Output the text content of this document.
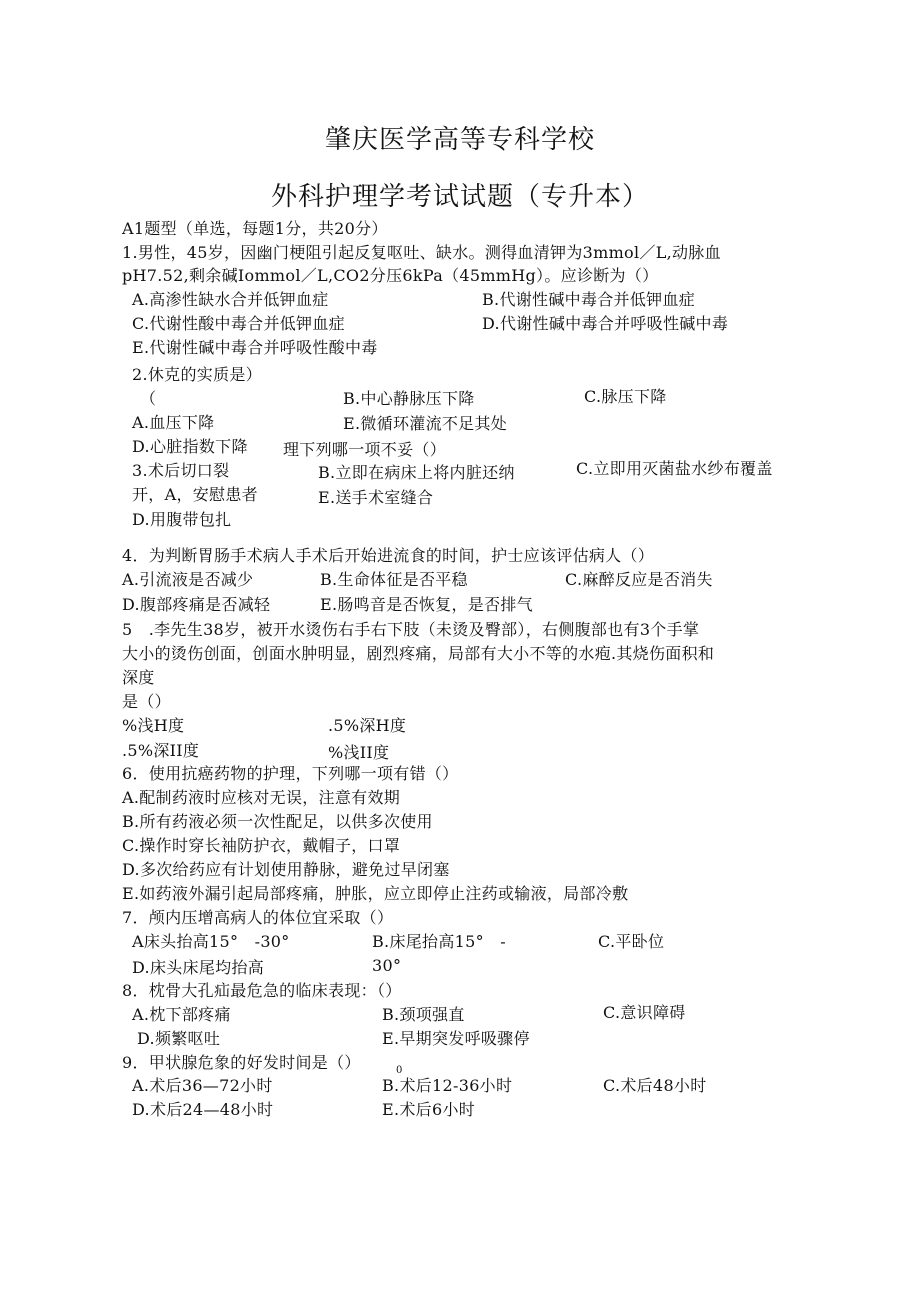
肇庆医学高等专科学校
外科护理学考试试题（专升本）
A1题型（单选，每题1分，共20分）
1.男性，45岁，因幽门梗阻引起反复呕吐、缺水。测得血清钾为3mmol／L,动脉血
pH7.52,剩余碱Iommol／L,CO2分压6kPa（45mmHg）。应诊断为（）
A.高渗性缺水合并低钾血症	B.代谢性碱中毒合并低钾血症
C.代谢性酸中毒合并低钾血症	D.代谢性碱中毒合并呼吸性碱中毒
E.代谢性碱中毒合并呼吸性酸中毒
2.休克的实质是）
（	B.中心静脉压下降	C.脉压下降
A.血压下降	E.微循环灌流不足其处
D.心脏指数下降 理下列哪一项不妥（）
3.术后切口裂	B.立即在病床上将内脏还纳	C.立即用灭菌盐水纱布覆盖
开，A，安慰患者	E.送手术室缝合
D.用腹带包扎
4．为判断胃肠手术病人手术后开始进流食的时间，护士应该评估病人（）
A.引流液是否减少	B.生命体征是否平稳	C.麻醉反应是否消失
D.腹部疼痛是否减轻	E.肠鸣音是否恢复，是否排气
5　.李先生38岁，被开水烫伤右手右下肢（未烫及臀部），右侧腹部也有3个手掌
大小的烫伤创面，创面水肿明显，剧烈疼痛，局部有大小不等的水疱.其烧伤面积和
深度
是（）
%浅H度	.5%深H度
.5%深II度	%浅II度
6．使用抗癌药物的护理，下列哪一项有错（）
A.配制药液时应核对无误，注意有效期
B.所有药液必须一次性配足，以供多次使用
C.操作时穿长袖防护衣，戴帽子，口罩
D.多次给药应有计划使用静脉，避免过早闭塞
E.如药液外漏引起局部疼痛，肿胀，应立即停止注药或输液，局部冷敷
7．颅内压增高病人的体位宜采取（）
A床头抬高15°　-30°	B.床尾抬高15°　-	C.平卧位
D.床头床尾均抬高	30°
8．枕骨大孔疝最危急的临床表现：（）
A.枕下部疼痛	B.颈项强直	C.意识障碍
D.频繁呕吐	E.早期突发呼吸骤停
9．甲状腺危象的好发时间是（）	0
A.术后36—72小时	B.术后12-36小时	C.术后48小时
D.术后24—48小时	E.术后6小时
